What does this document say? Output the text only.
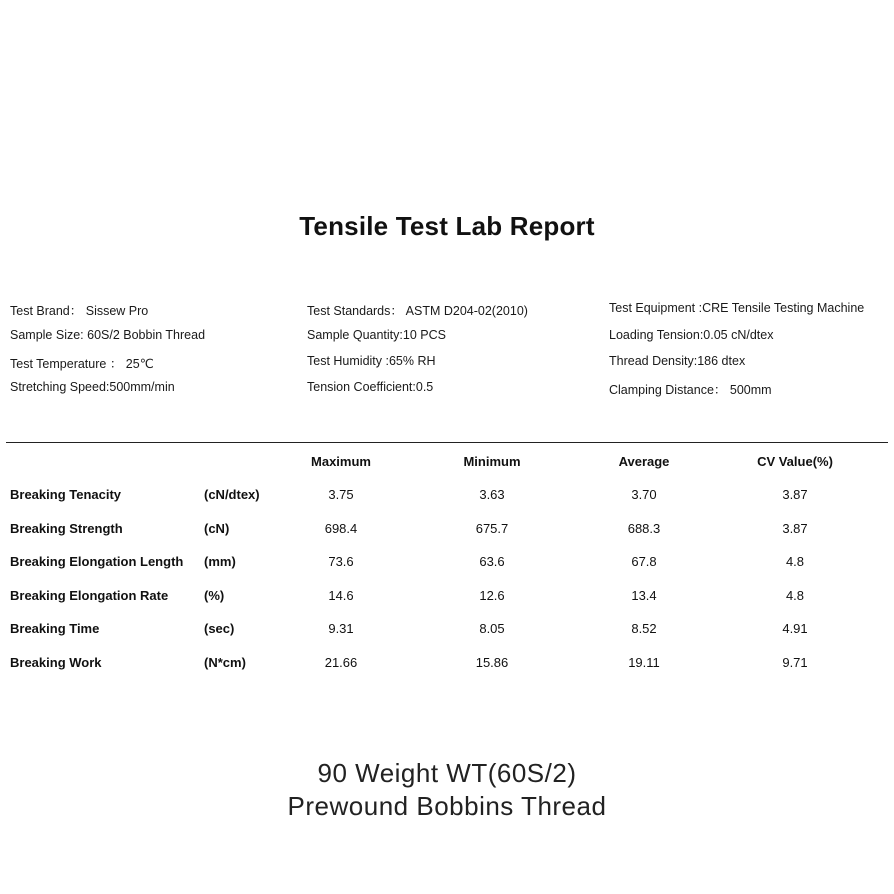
Tensile Test Lab Report
Test Brand： Sissew Pro
Sample Size: 60S/2 Bobbin Thread
Test Temperature ： 25℃
Stretching Speed:500mm/min
Test Standards： ASTM D204-02(2010)
Sample Quantity:10 PCS
Test Humidity :65% RH
Tension Coefficient:0.5
Test Equipment :CRE Tensile Testing Machine
Loading Tension:0.05 cN/dtex
Thread Density:186 dtex
Clamping Distance： 500mm
Maximum	Minimum	Average	CV Value(%)
Breaking Tenacity	(cN/dtex)	3.75	3.63	3.70	3.87
Breaking Strength	(cN)	698.4	675.7	688.3	3.87
Breaking Elongation Length (mm)	73.6	63.6	67.8	4.8
Breaking Elongation Rate	(%)	14.6	12.6	13.4	4.8
Breaking Time	(sec)	9.31	8.05	8.52	4.91
Breaking Work	(N*cm)	21.66	15.86	19.11	9.71
90 Weight WT(60S/2)
Prewound Bobbins Thread
